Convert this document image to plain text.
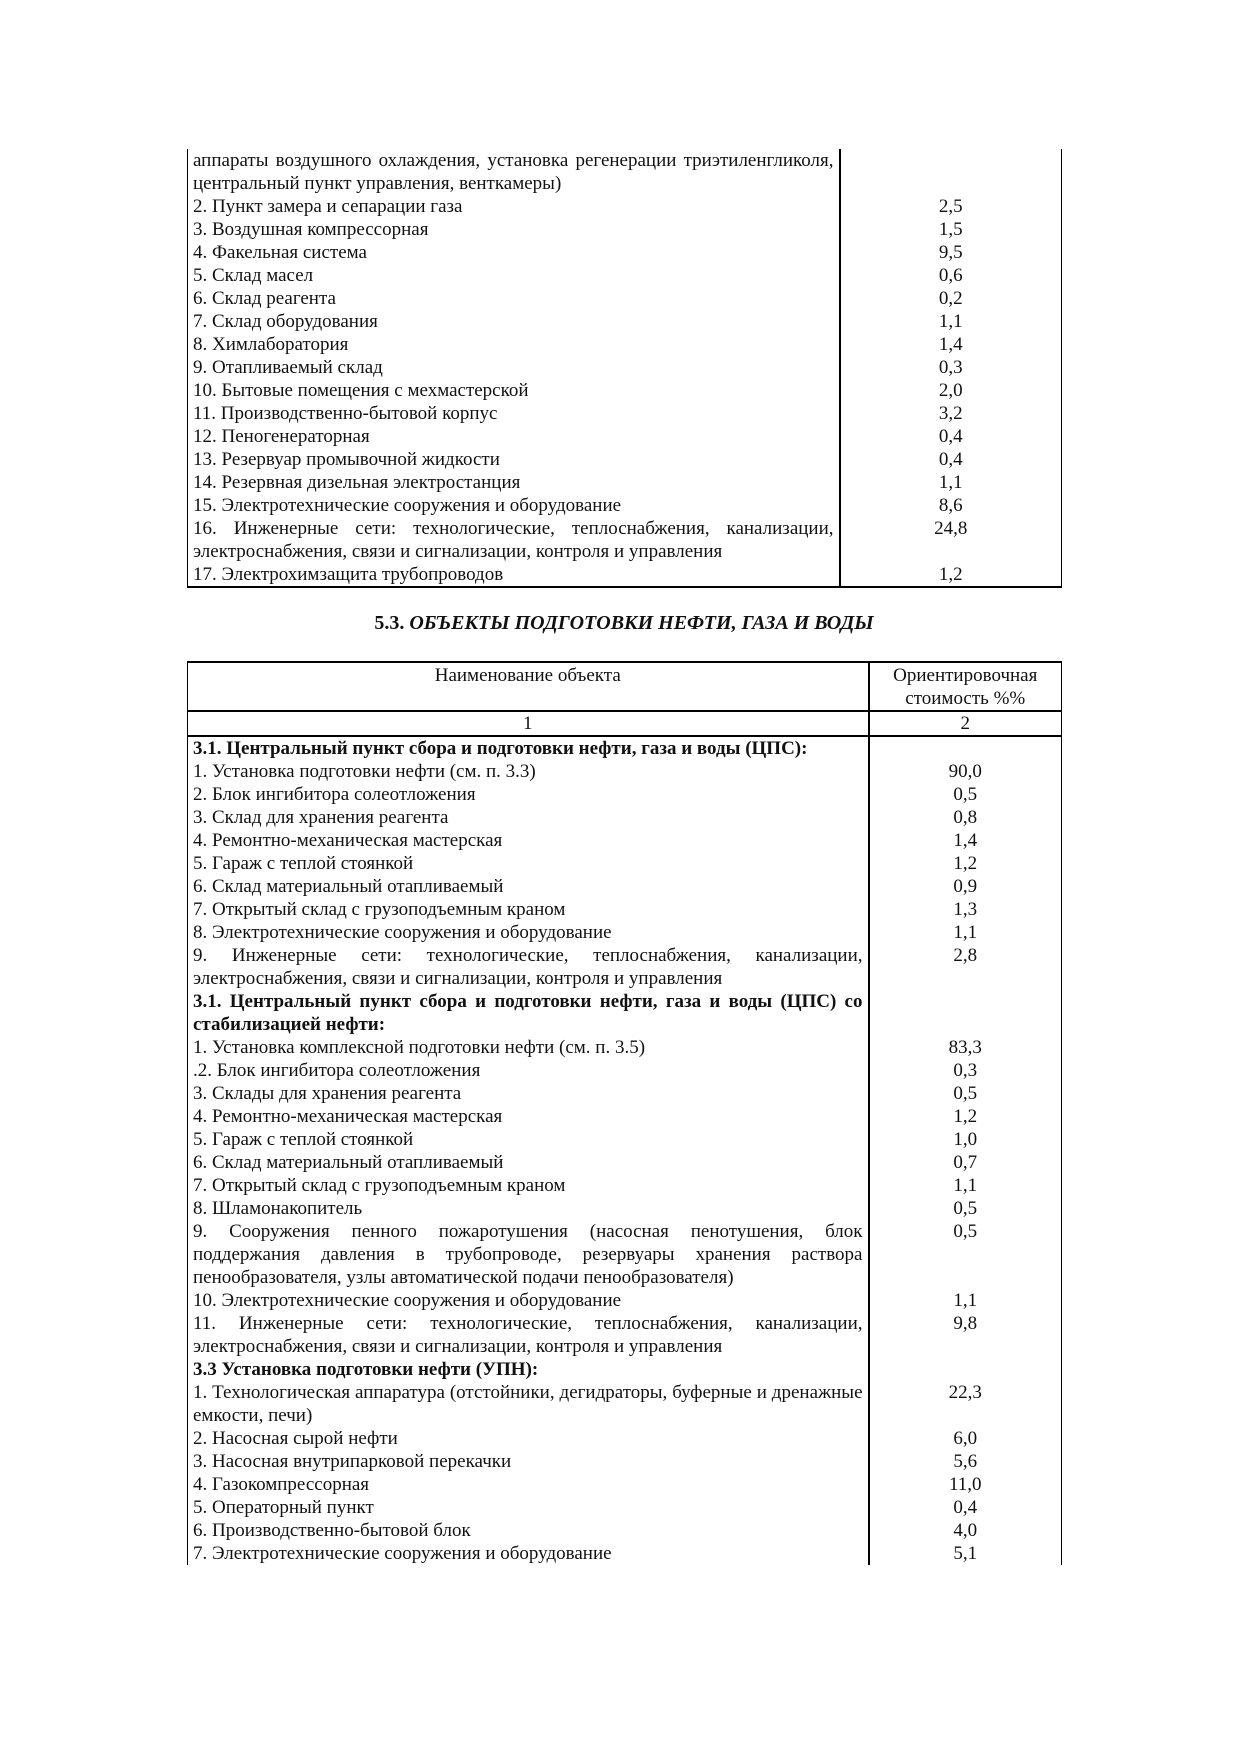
аппараты воздушного охлаждения, установка регенерации триэтиленгликоля, центральный пункт управления, венткамеры)	
2. Пункт замера и сепарации газа	2,5
3. Воздушная компрессорная	1,5
4. Факельная система	9,5
5. Склад масел	0,6
6. Склад реагента	0,2
7. Склад оборудования	1,1
8. Химлаборатория	1,4
9. Отапливаемый склад	0,3
10. Бытовые помещения с мехмастерской	2,0
11. Производственно-бытовой корпус	3,2
12. Пеногенераторная	0,4
13. Резервуар промывочной жидкости	0,4
14. Резервная дизельная электростанция	1,1
15. Электротехнические сооружения и оборудование	8,6
16. Инженерные сети: технологические, теплоснабжения, канализации, электроснабжения, связи и сигнализации, контроля и управления	24,8
17. Электрохимзащита трубопроводов	1,2
5.3. ОБЪЕКТЫ ПОДГОТОВКИ НЕФТИ, ГАЗА И ВОДЫ
Наименование объекта	Ориентировочная стоимость %%
1	2
3.1. Центральный пункт сбора и подготовки нефти, газа и воды (ЦПС):	
1. Установка подготовки нефти (см. п. 3.3)	90,0
2. Блок ингибитора солеотложения	0,5
3. Склад для хранения реагента	0,8
4. Ремонтно-механическая мастерская	1,4
5. Гараж с теплой стоянкой	1,2
6. Склад материальный отапливаемый	0,9
7. Открытый склад с грузоподъемным краном	1,3
8. Электротехнические сооружения и оборудование	1,1
9. Инженерные сети: технологические, теплоснабжения, канализации, электроснабжения, связи и сигнализации, контроля и управления	2,8
3.1. Центральный пункт сбора и подготовки нефти, газа и воды (ЦПС) со стабилизацией нефти:	
1. Установка комплексной подготовки нефти (см. п. 3.5)	83,3
.2. Блок ингибитора солеотложения	0,3
3. Склады для хранения реагента	0,5
4. Ремонтно-механическая мастерская	1,2
5. Гараж с теплой стоянкой	1,0
6. Склад материальный отапливаемый	0,7
7. Открытый склад с грузоподъемным краном	1,1
8. Шламонакопитель	0,5
9. Сооружения пенного пожаротушения (насосная пенотушения, блок поддержания давления в трубопроводе, резервуары хранения раствора пенообразователя, узлы автоматической подачи пенообразователя)	0,5
10. Электротехнические сооружения и оборудование	1,1
11. Инженерные сети: технологические, теплоснабжения, канализации, электроснабжения, связи и сигнализации, контроля и управления	9,8
3.3 Установка подготовки нефти (УПН):	
1. Технологическая аппаратура (отстойники, дегидраторы, буферные и дренажные емкости, печи)	22,3
2. Насосная сырой нефти	6,0
3. Насосная внутрипарковой перекачки	5,6
4. Газокомпрессорная	11,0
5. Операторный пункт	0,4
6. Производственно-бытовой блок	4,0
7. Электротехнические сооружения и оборудование	5,1
